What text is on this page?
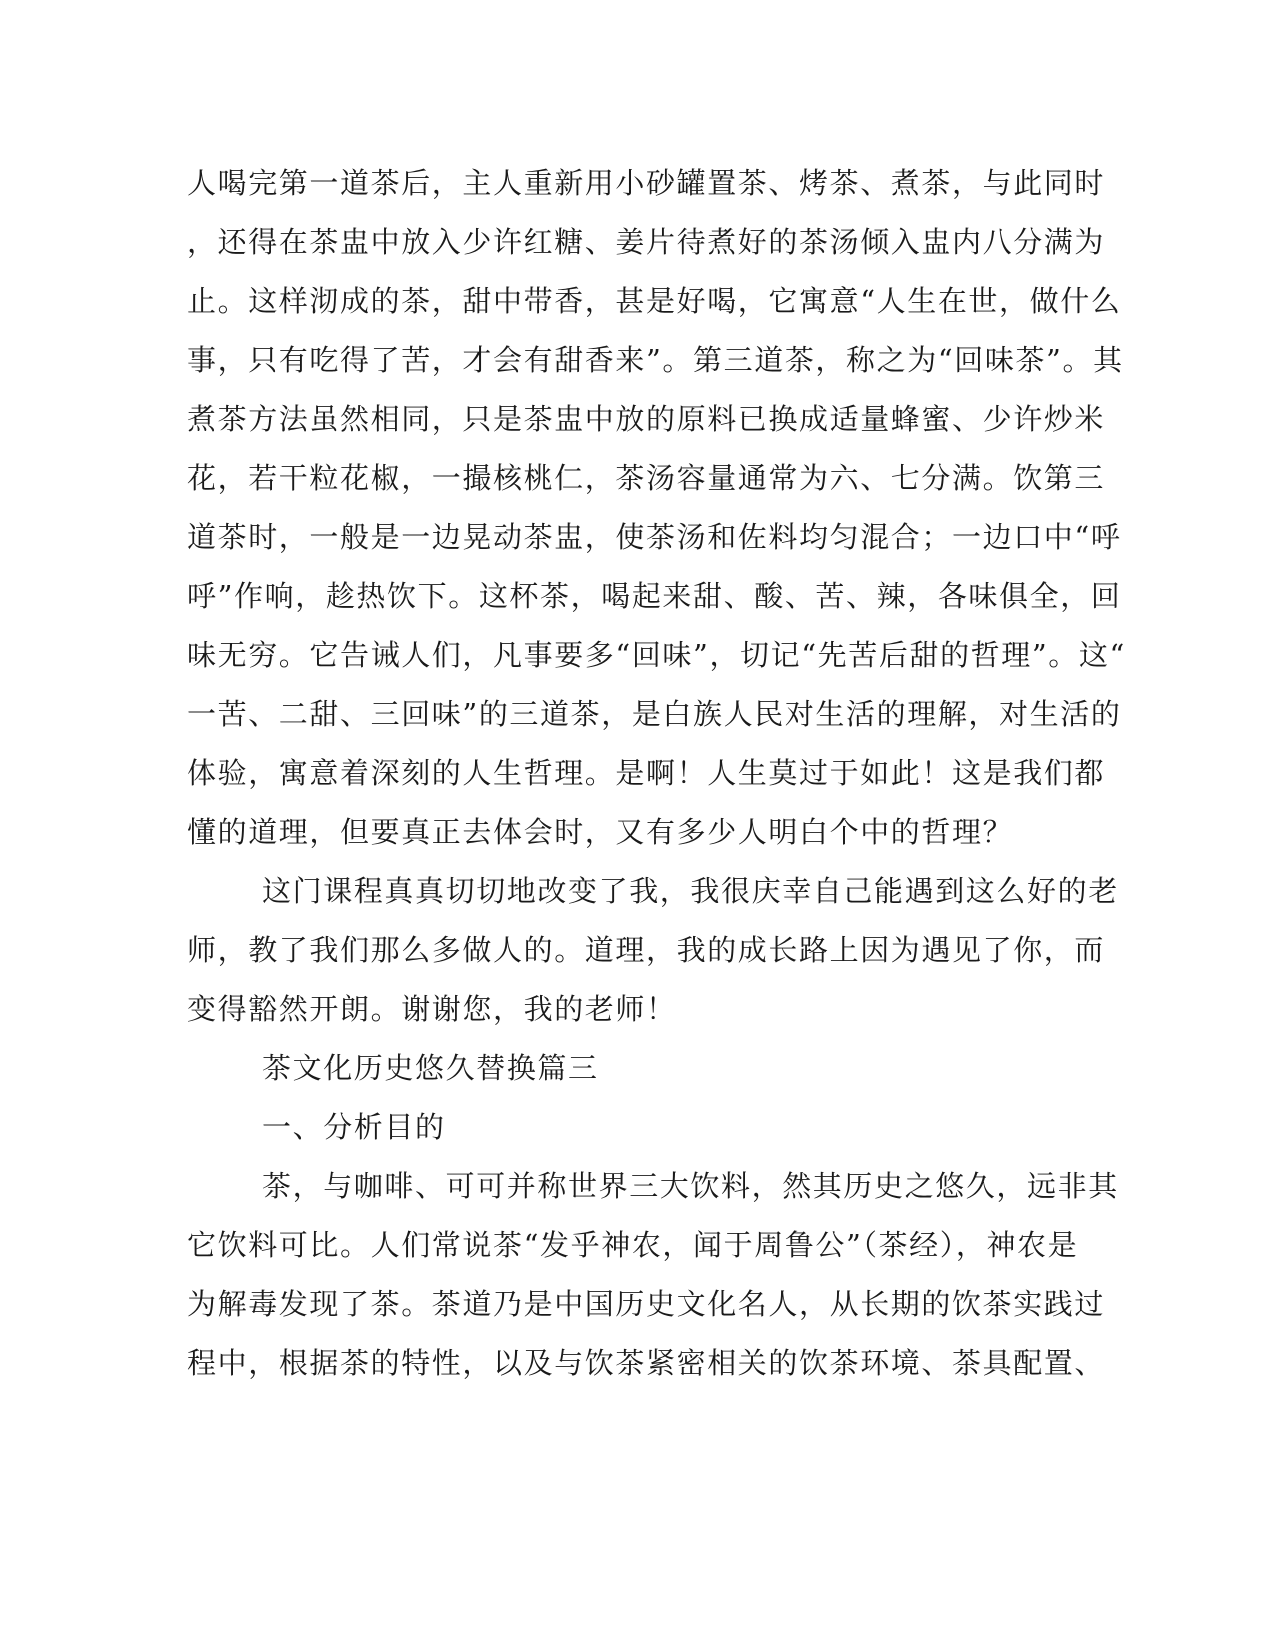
人喝完第一道茶后，主人重新用小砂罐置茶、烤茶、煮茶，与此同时
，还得在茶盅中放入少许红糖、姜片待煮好的茶汤倾入盅内八分满为
止。这样沏成的茶，甜中带香，甚是好喝，它寓意“人生在世，做什么
事，只有吃得了苦，才会有甜香来”。第三道茶，称之为“回味茶”。其
煮茶方法虽然相同，只是茶盅中放的原料已换成适量蜂蜜、少许炒米
花，若干粒花椒，一撮核桃仁，茶汤容量通常为六、七分满。饮第三
道茶时，一般是一边晃动茶盅，使茶汤和佐料均匀混合；一边口中“呼
呼”作响，趁热饮下。这杯茶，喝起来甜、酸、苦、辣，各味俱全，回
味无穷。它告诫人们，凡事要多“回味”，切记“先苦后甜的哲理”。这“
一苦、二甜、三回味”的三道茶，是白族人民对生活的理解，对生活的
体验，寓意着深刻的人生哲理。是啊！人生莫过于如此！这是我们都
懂的道理，但要真正去体会时，又有多少人明白个中的哲理？
这门课程真真切切地改变了我，我很庆幸自己能遇到这么好的老
师，教了我们那么多做人的。道理，我的成长路上因为遇见了你，而
变得豁然开朗。谢谢您，我的老师！
茶文化历史悠久替换篇三
一、分析目的
茶，与咖啡、可可并称世界三大饮料，然其历史之悠久，远非其
它饮料可比。人们常说茶“发乎神农，闻于周鲁公”（茶经），神农是
为解毒发现了茶。茶道乃是中国历史文化名人，从长期的饮茶实践过
程中，根据茶的特性，以及与饮茶紧密相关的饮茶环境、茶具配置、
